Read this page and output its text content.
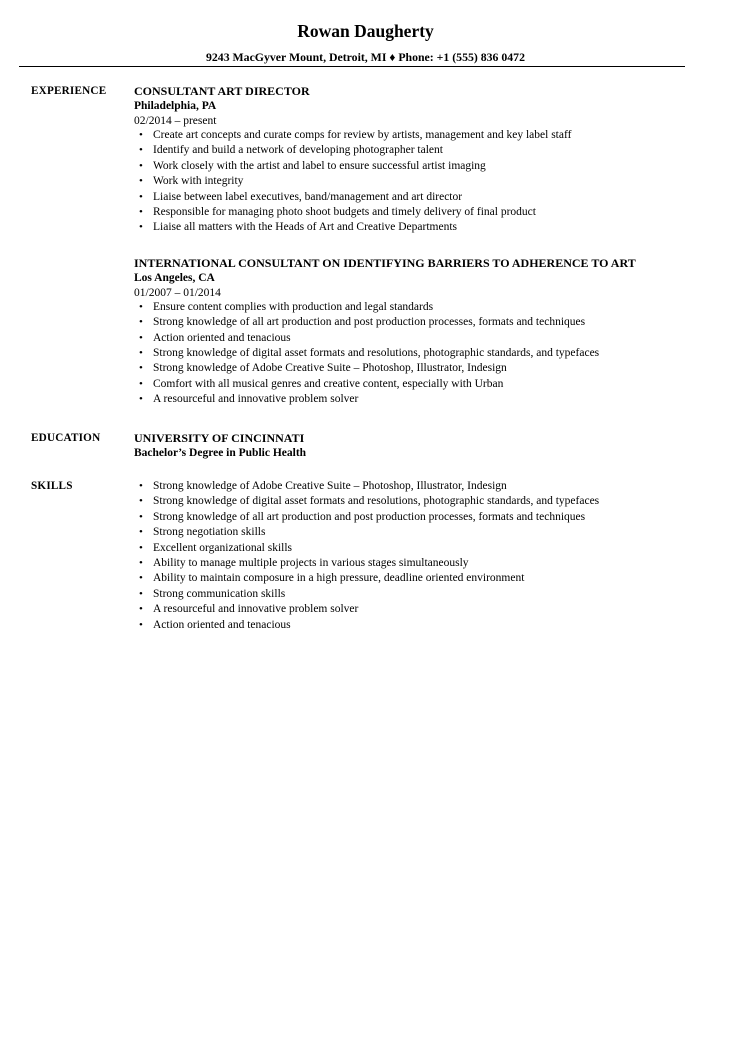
Rowan Daugherty
9243 MacGyver Mount, Detroit, MI ♦ Phone: +1 (555) 836 0472
EXPERIENCE	CONSULTANT ART DIRECTOR
Philadelphia, PA
02/2014 – present
• Create art concepts and curate comps for review by artists, management and key label staff
• Identify and build a network of developing photographer talent
• Work closely with the artist and label to ensure successful artist imaging
• Work with integrity
• Liaise between label executives, band/management and art director
• Responsible for managing photo shoot budgets and timely delivery of final product
• Liaise all matters with the Heads of Art and Creative Departments
INTERNATIONAL CONSULTANT ON IDENTIFYING BARRIERS TO ADHERENCE TO ART
Los Angeles, CA
01/2007 – 01/2014
• Ensure content complies with production and legal standards
• Strong knowledge of all art production and post production processes, formats and techniques
• Action oriented and tenacious
• Strong knowledge of digital asset formats and resolutions, photographic standards, and typefaces
• Strong knowledge of Adobe Creative Suite – Photoshop, Illustrator, Indesign
• Comfort with all musical genres and creative content, especially with Urban
• A resourceful and innovative problem solver
EDUCATION	UNIVERSITY OF CINCINNATI
Bachelor’s Degree in Public Health
SKILLS
•	Strong knowledge of Adobe Creative Suite – Photoshop, Illustrator, Indesign
• Strong knowledge of digital asset formats and resolutions, photographic standards, and typefaces
• Strong knowledge of all art production and post production processes, formats and techniques
• Strong negotiation skills
• Excellent organizational skills
• Ability to manage multiple projects in various stages simultaneously
• Ability to maintain composure in a high pressure, deadline oriented environment
• Strong communication skills
• A resourceful and innovative problem solver
• Action oriented and tenacious
